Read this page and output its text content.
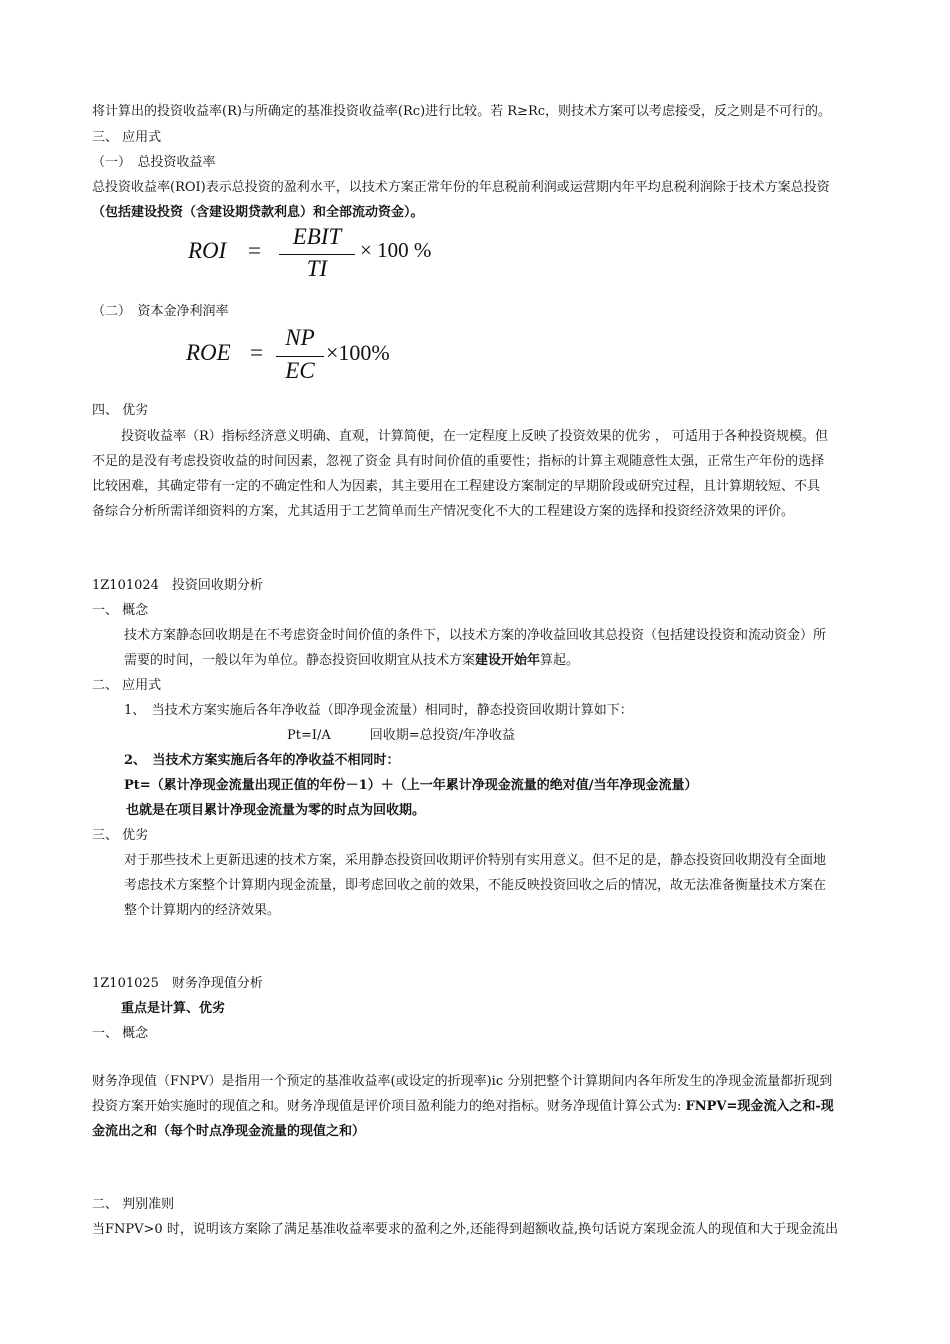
将计算出的投资收益率(R)与所确定的基准投资收益率(Rc)进行比较。若 R≥Rc，则技术方案可以考虑接受，反之则是不可行的。
三、 应用式
（一）　总投资收益率
总投资收益率(ROI)表示总投资的盈利水平，以技术方案正常年份的年息税前利润或运营期内年平均息税利润除于技术方案总投资
（包括建设投资（含建设期贷款利息）和全部流动资金）。
ROI =
EBIT
TI
× 100 %
（二）　资本金净利润率
ROE =
NP
EC
×100%
四、 优劣
投资收益率（R）指标经济意义明确、直观，计算简便，在一定程度上反映了投资效果的优劣 ， 可适用于各种投资规模。但
不足的是没有考虑投资收益的时间因素，忽视了资金 具有时间价值的重要性；指标的计算主观随意性太强，正常生产年份的选择
比较困难，其确定带有一定的不确定性和人为因素，其主要用在工程建设方案制定的早期阶段或研究过程，且计算期较短、不具
备综合分析所需详细资料的方案，尤其适用于工艺简单而生产情况变化不大的工程建设方案的选择和投资经济效果的评价。
1Z101024　投资回收期分析
一、 概念
技术方案静态回收期是在不考虑资金时间价值的条件下，以技术方案的净收益回收其总投资（包括建设投资和流动资金）所
需要的时间，一般以年为单位。静态投资回收期宜从技术方案建设开始年算起。
二、 应用式
1、　当技术方案实施后各年净收益（即净现金流量）相同时，静态投资回收期计算如下：
Pt=I/A　　　回收期=总投资/年净收益
2、　当技术方案实施后各年的净收益不相同时：
Pt=（累计净现金流量出现正值的年份－1）＋（上一年累计净现金流量的绝对值/当年净现金流量）
也就是在项目累计净现金流量为零的时点为回收期。
三、 优劣
对于那些技术上更新迅速的技术方案，采用静态投资回收期评价特别有实用意义。但不足的是，静态投资回收期没有全面地
考虑技术方案整个计算期内现金流量，即考虑回收之前的效果，不能反映投资回收之后的情况，故无法准备衡量技术方案在
整个计算期内的经济效果。
1Z101025　财务净现值分析
重点是计算、优劣
一、 概念
财务净现值（FNPV）是指用一个预定的基准收益率(或设定的折现率)ic 分别把整个计算期间内各年所发生的净现金流量都折现到
投资方案开始实施时的现值之和。财务净现值是评价项目盈利能力的绝对指标。财务净现值计算公式为: FNPV=现金流入之和-现
金流出之和（每个时点净现金流量的现值之和）
二、 判别准则
当FNPV>0 时，说明该方案除了满足基准收益率要求的盈利之外,还能得到超额收益,换句话说方案现金流人的现值和大于现金流出
